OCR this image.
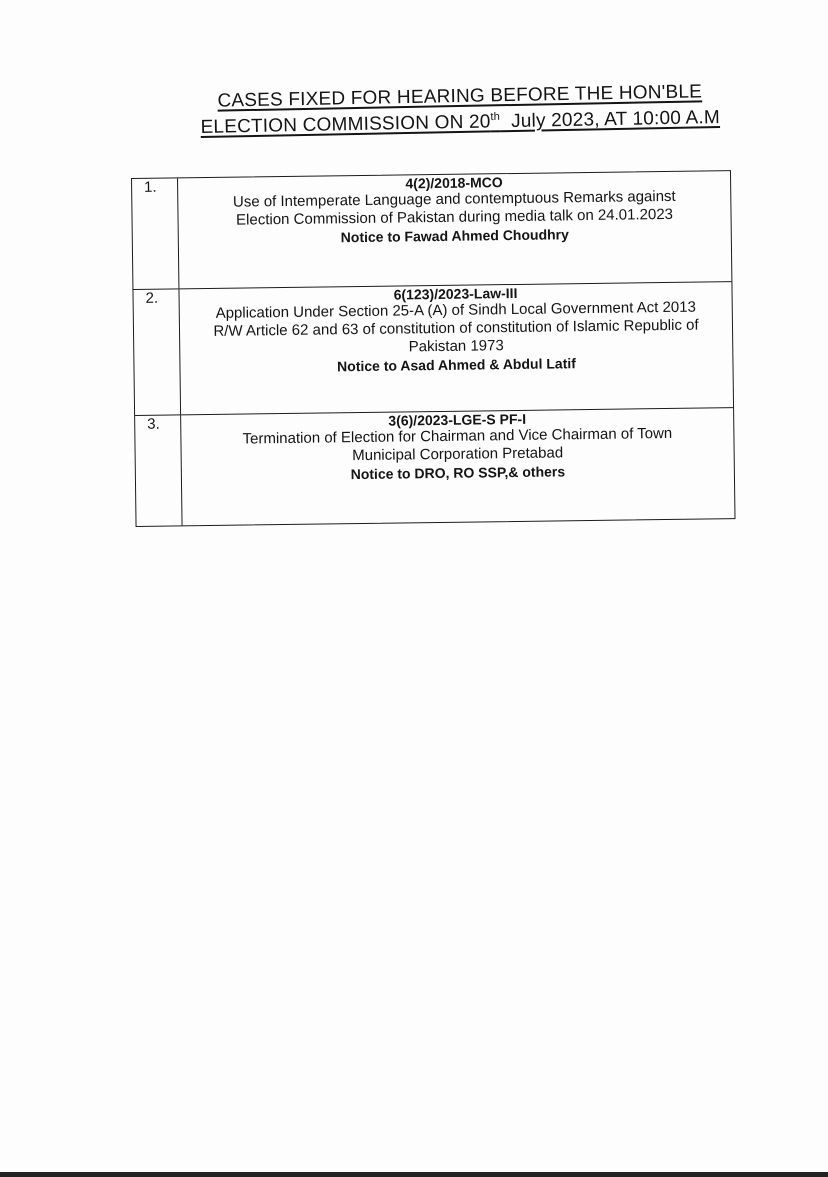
CASES FIXED FOR HEARING BEFORE THE HON'BLE
ELECTION COMMISSION ON 20th  July 2023, AT 10:00 A.M
1.	4(2)/2018-MCO
Use of Intemperate Language and contemptuous Remarks against
Election Commission of Pakistan during media talk on 24.01.2023
Notice to Fawad Ahmed Choudhry
2.	6(123)/2023-Law-III
Application Under Section 25-A (A) of Sindh Local Government Act 2013
R/W Article 62 and 63 of constitution of constitution of Islamic Republic of
Pakistan 1973
Notice to Asad Ahmed & Abdul Latif
3.	3(6)/2023-LGE-S PF-I
Termination of Election for Chairman and Vice Chairman of Town
Municipal Corporation Pretabad
Notice to DRO, RO SSP,& others
